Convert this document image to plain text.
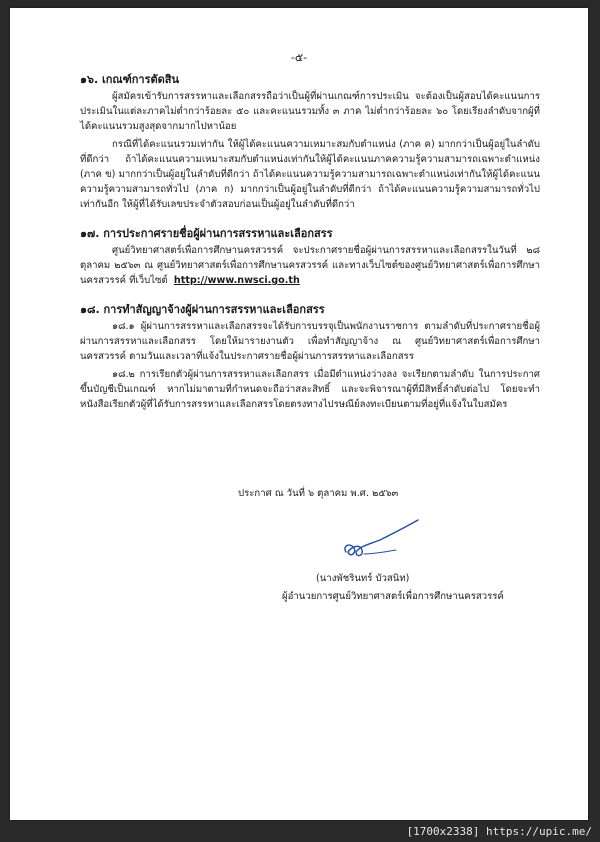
-๕-
๑๖. เกณฑ์การตัดสิน
ผู้สมัครเข้ารับการสรรหาและเลือกสรรถือว่าเป็นผู้ที่ผ่านเกณฑ์การประเมิน จะต้องเป็นผู้สอบได้คะแนนการประเมินในแต่ละภาคไม่ต่ำกว่าร้อยละ ๕๐ และคะแนนรวมทั้ง ๓ ภาค ไม่ต่ำกว่าร้อยละ ๖๐ โดยเรียงลำดับจากผู้ที่ได้คะแนนรวมสูงสุดจากมากไปหาน้อย
กรณีที่ได้คะแนนรวมเท่ากัน ให้ผู้ได้คะแนนความเหมาะสมกับตำแหน่ง (ภาค ค) มากกว่าเป็นผู้อยู่ในลำดับที่ดีกว่า ถ้าได้คะแนนความเหมาะสมกับตำแหน่งเท่ากันให้ผู้ได้คะแนนภาคความรู้ความสามารถเฉพาะตำแหน่ง (ภาค ข) มากกว่าเป็นผู้อยู่ในลำดับที่ดีกว่า ถ้าได้คะแนนความรู้ความสามารถเฉพาะตำแหน่งเท่ากันให้ผู้ได้คะแนนความรู้ความสามารถทั่วไป (ภาค ก) มากกว่าเป็นผู้อยู่ในลำดับที่ดีกว่า ถ้าได้คะแนนความรู้ความสามารถทั่วไปเท่ากันอีก ให้ผู้ที่ได้รับเลขประจำตัวสอบก่อนเป็นผู้อยู่ในลำดับที่ดีกว่า
๑๗. การประกาศรายชื่อผู้ผ่านการสรรหาและเลือกสรร
ศูนย์วิทยาศาสตร์เพื่อการศึกษานครสวรรค์ จะประกาศรายชื่อผู้ผ่านการสรรหาและเลือกสรรในวันที่ ๒๘ ตุลาคม ๒๕๖๓ ณ ศูนย์วิทยาศาสตร์เพื่อการศึกษานครสวรรค์ และทางเว็บไซต์ของศูนย์วิทยาศาสตร์เพื่อการศึกษานครสวรรค์ ที่เว็บไซต์ http://www.nwsci.go.th
๑๘. การทำสัญญาจ้างผู้ผ่านการสรรหาและเลือกสรร
๑๘.๑ ผู้ผ่านการสรรหาและเลือกสรรจะได้รับการบรรจุเป็นพนักงานราชการ ตามลำดับที่ประกาศรายชื่อผู้ผ่านการสรรหาและเลือกสรร โดยให้มารายงานตัว เพื่อทำสัญญาจ้าง ณ ศูนย์วิทยาศาสตร์เพื่อการศึกษานครสวรรค์ ตามวันและเวลาที่แจ้งในประกาศรายชื่อผู้ผ่านการสรรหาและเลือกสรร
๑๘.๒ การเรียกตัวผู้ผ่านการสรรหาและเลือกสรร เมื่อมีตำแหน่งว่างลง จะเรียกตามลำดับ ในการประกาศขึ้นบัญชีเป็นเกณฑ์ หากไม่มาตามที่กำหนดจะถือว่าสละสิทธิ์ และจะพิจารณาผู้ที่มีสิทธิ์ลำดับต่อไป โดยจะทำหนังสือเรียกตัวผู้ที่ได้รับการสรรหาและเลือกสรรโดยตรงทางไปรษณีย์ลงทะเบียนตามที่อยู่ที่แจ้งในใบสมัคร
ประกาศ ณ วันที่ ๖ ตุลาคม พ.ศ. ๒๕๖๓
(นางพัชรินทร์ บัวสนิท)
ผู้อำนวยการศูนย์วิทยาศาสตร์เพื่อการศึกษานครสวรรค์
[1700x2338] https://upic.me/
